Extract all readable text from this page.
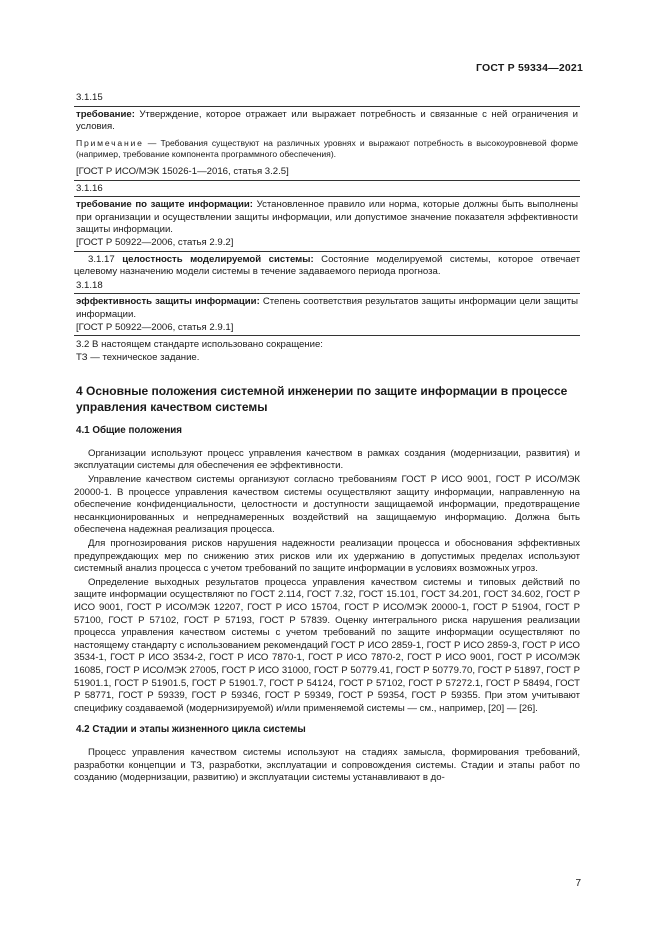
ГОСТ Р 59334—2021
3.1.15

требование: Утверждение, которое отражает или выражает потребность и связанные с ней ограничения и условия.

Примечание — Требования существуют на различных уровнях и выражают потребность в высокоуровневой форме (например, требование компонента программного обеспечения).

[ГОСТ Р ИСО/МЭК 15026-1—2016, статья 3.2.5]

3.1.16

требование по защите информации: Установленное правило или норма, которые должны быть выполнены при организации и осуществлении защиты информации, или допустимое значение показателя эффективности защиты информации.

[ГОСТ Р 50922—2006, статья 2.9.2]

3.1.17 целостность моделируемой системы: Состояние моделируемой системы, которое отвечает целевому назначению модели системы в течение задаваемого периода прогноза.

3.1.18

эффективность защиты информации: Степень соответствия результатов защиты информации цели защиты информации.

[ГОСТ Р 50922—2006, статья 2.9.1]

3.2 В настоящем стандарте использовано сокращение:

ТЗ — техническое задание.

4 Основные положения системной инженерии по защите информации в процессе управления качеством системы
4.1 Общие положения

Организации используют процесс управления качеством в рамках создания (модернизации, развития) и эксплуатации системы для обеспечения ее эффективности.

Управление качеством системы организуют согласно требованиям ГОСТ Р ИСО 9001, ГОСТ Р ИСО/МЭК 20000-1. В процессе управления качеством системы осуществляют защиту информации, направленную на обеспечение конфиденциальности, целостности и доступности защищаемой информации, предотвращение несанкционированных и непреднамеренных воздействий на защищаемую информацию. Должна быть обеспечена надежная реализация процесса.

Для прогнозирования рисков нарушения надежности реализации процесса и обоснования эффективных предупреждающих мер по снижению этих рисков или их удержанию в допустимых пределах используют системный анализ процесса с учетом требований по защите информации в условиях возможных угроз.

Определение выходных результатов процесса управления качеством системы и типовых действий по защите информации осуществляют по ГОСТ 2.114, ГОСТ 7.32, ГОСТ 15.101, ГОСТ 34.201, ГОСТ 34.602, ГОСТ Р ИСО 9001, ГОСТ Р ИСО/МЭК 12207, ГОСТ Р ИСО 15704, ГОСТ Р ИСО/МЭК 20000-1, ГОСТ Р 51904, ГОСТ Р 57100, ГОСТ Р 57102, ГОСТ Р 57193, ГОСТ Р 57839. Оценку интегрального риска нарушения реализации процесса управления качеством системы с учетом требований по защите информации осуществляют по настоящему стандарту с использованием рекомендаций ГОСТ Р ИСО 2859-1, ГОСТ Р ИСО 2859-3, ГОСТ Р ИСО 3534-1, ГОСТ Р ИСО 3534-2, ГОСТ Р ИСО 7870-1, ГОСТ Р ИСО 7870-2, ГОСТ Р ИСО 9001, ГОСТ Р ИСО/МЭК 16085, ГОСТ Р ИСО/МЭК 27005, ГОСТ Р ИСО 31000, ГОСТ Р 50779.41, ГОСТ Р 50779.70, ГОСТ Р 51897, ГОСТ Р 51901.1, ГОСТ Р 51901.5, ГОСТ Р 51901.7, ГОСТ Р 54124, ГОСТ Р 57102, ГОСТ Р 57272.1, ГОСТ Р 58494, ГОСТ Р 58771, ГОСТ Р 59339, ГОСТ Р 59346, ГОСТ Р 59349, ГОСТ Р 59354, ГОСТ Р 59355. При этом учитывают специфику создаваемой (модернизируемой) и/или применяемой системы — см., например, [20] — [26].

4.2 Стадии и этапы жизненного цикла системы

Процесс управления качеством системы используют на стадиях замысла, формирования требований, разработки концепции и ТЗ, разработки, эксплуатации и сопровождения системы. Стадии и этапы работ по созданию (модернизации, развитию) и эксплуатации системы устанавливают в до-

7
